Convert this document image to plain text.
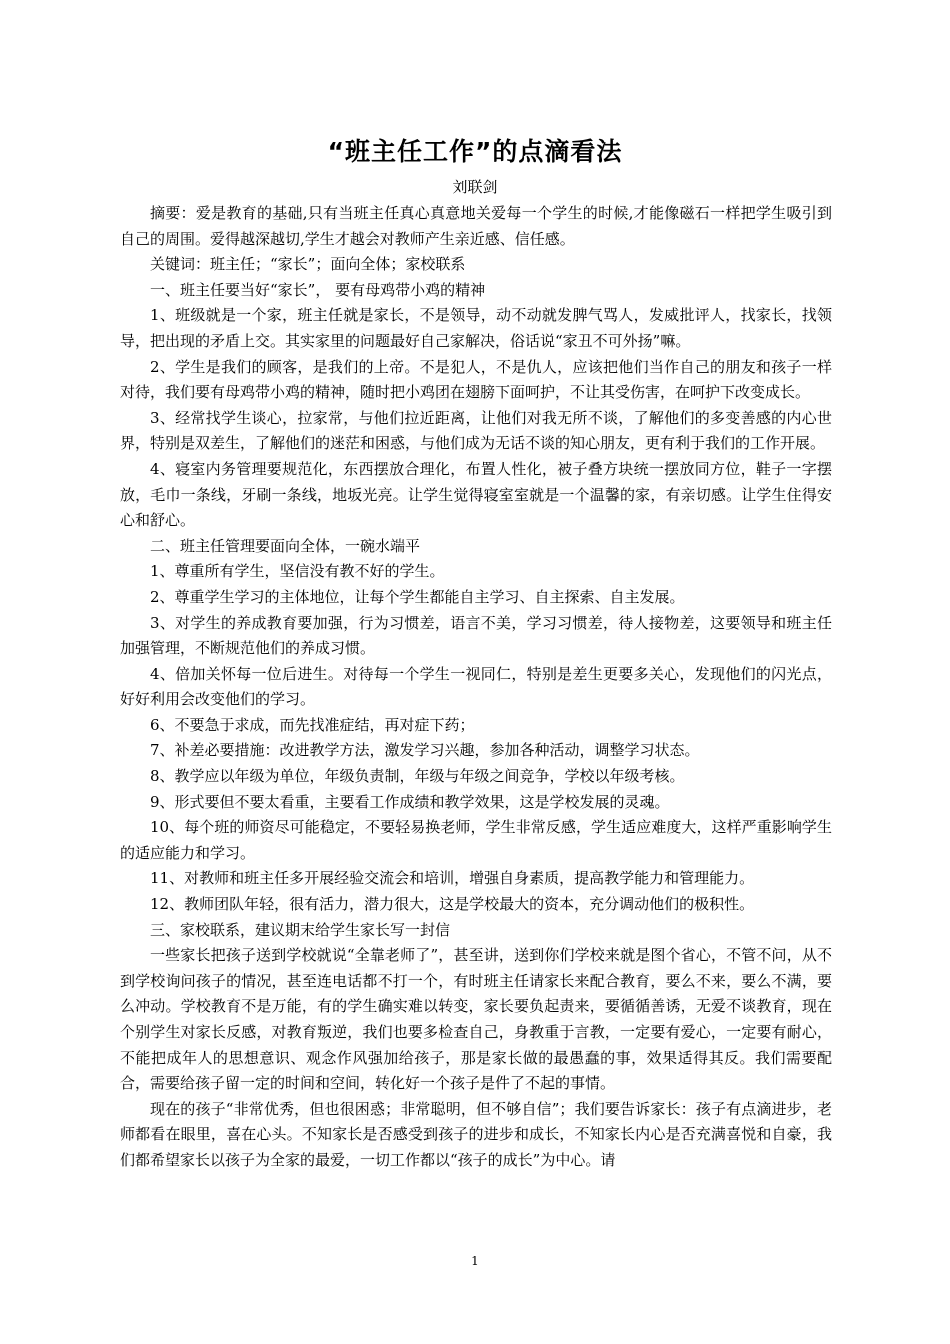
“班主任工作”的点滴看法

刘联剑

摘要：爱是教育的基础,只有当班主任真心真意地关爱每一个学生的时候,才能像磁石一样把学生吸引到自己的周围。爱得越深越切,学生才越会对教师产生亲近感、信任感。

关键词：班主任；“家长”；面向全体；家校联系

一、班主任要当好“家长”， 要有母鸡带小鸡的精神

1、班级就是一个家，班主任就是家长，不是领导，动不动就发脾气骂人，发威批评人，找家长，找领导，把出现的矛盾上交。其实家里的问题最好自己家解决，俗话说“家丑不可外扬”嘛。

2、学生是我们的顾客，是我们的上帝。不是犯人，不是仇人，应该把他们当作自己的朋友和孩子一样对待，我们要有母鸡带小鸡的精神，随时把小鸡团在翅膀下面呵护，不让其受伤害，在呵护下改变成长。

3、经常找学生谈心，拉家常，与他们拉近距离，让他们对我无所不谈，了解他们的多变善感的内心世界，特别是双差生，了解他们的迷茫和困惑，与他们成为无话不谈的知心朋友，更有利于我们的工作开展。

4、寝室内务管理要规范化，东西摆放合理化，布置人性化，被子叠方块统一摆放同方位，鞋子一字摆放，毛巾一条线，牙刷一条线，地坂光亮。让学生觉得寝室室就是一个温馨的家，有亲切感。让学生住得安心和舒心。

二、班主任管理要面向全体，一碗水端平

1、尊重所有学生，坚信没有教不好的学生。

2、尊重学生学习的主体地位，让每个学生都能自主学习、自主探索、自主发展。

3、对学生的养成教育要加强，行为习惯差，语言不美，学习习惯差，待人接物差，这要领导和班主任加强管理，不断规范他们的养成习惯。

4、倍加关怀每一位后进生。对待每一个学生一视同仁，特别是差生更要多关心，发现他们的闪光点，好好利用会改变他们的学习。

6、不要急于求成，而先找准症结，再对症下药；

7、补差必要措施：改进教学方法，激发学习兴趣，参加各种活动，调整学习状态。

8、教学应以年级为单位，年级负责制，年级与年级之间竞争，学校以年级考核。

9、形式要但不要太看重，主要看工作成绩和教学效果，这是学校发展的灵魂。

10、每个班的师资尽可能稳定，不要轻易换老师，学生非常反感，学生适应难度大，这样严重影响学生的适应能力和学习。

11、对教师和班主任多开展经验交流会和培训，增强自身素质，提高教学能力和管理能力。

12、教师团队年轻，很有活力，潜力很大，这是学校最大的资本，充分调动他们的极积性。

三、家校联系，建议期末给学生家长写一封信

一些家长把孩子送到学校就说“全靠老师了”，甚至讲，送到你们学校来就是图个省心，不管不问，从不到学校询问孩子的情况，甚至连电话都不打一个，有时班主任请家长来配合教育，要么不来，要么不满，要么冲动。学校教育不是万能，有的学生确实难以转变，家长要负起责来，要循循善诱，无爱不谈教育，现在个别学生对家长反感，对教育叛逆，我们也要多检查自己，身教重于言教，一定要有爱心，一定要有耐心，不能把成年人的思想意识、观念作风强加给孩子，那是家长做的最愚蠢的事，效果适得其反。我们需要配合，需要给孩子留一定的时间和空间，转化好一个孩子是件了不起的事情。

现在的孩子“非常优秀，但也很困惑；非常聪明，但不够自信”；我们要告诉家长：孩子有点滴进步，老师都看在眼里，喜在心头。不知家长是否感受到孩子的进步和成长，不知家长内心是否充满喜悦和自豪，我们都希望家长以孩子为全家的最爱，一切工作都以“孩子的成长”为中心。请

1
